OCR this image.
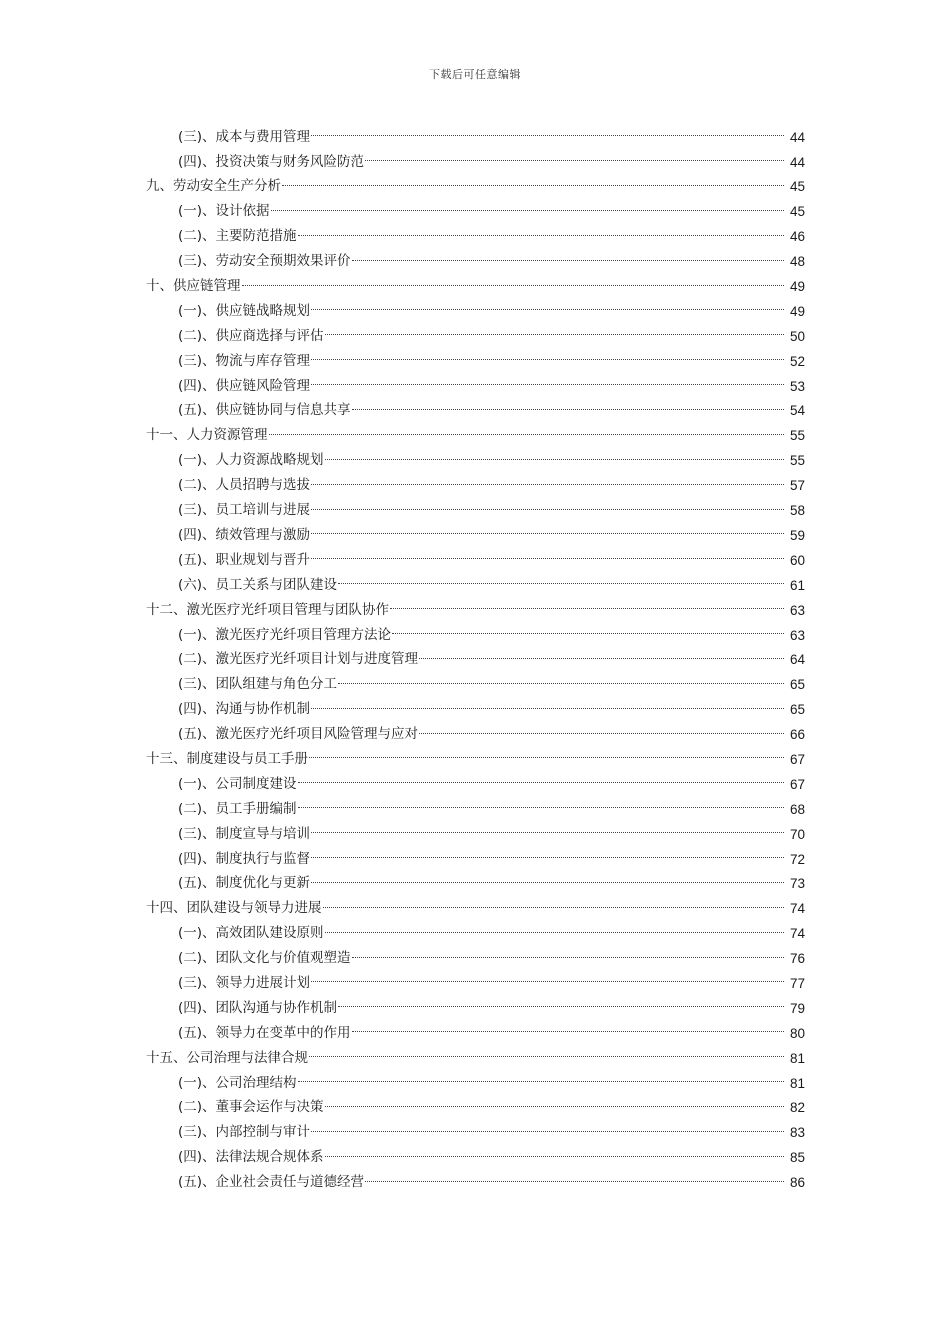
下载后可任意编辑
(三)、成本与费用管理	44
(四)、投资决策与财务风险防范	44
九、劳动安全生产分析	45
(一)、设计依据	45
(二)、主要防范措施	46
(三)、劳动安全预期效果评价	48
十、供应链管理	49
(一)、供应链战略规划	49
(二)、供应商选择与评估	50
(三)、物流与库存管理	52
(四)、供应链风险管理	53
(五)、供应链协同与信息共享	54
十一、人力资源管理	55
(一)、人力资源战略规划	55
(二)、人员招聘与选拔	57
(三)、员工培训与进展	58
(四)、绩效管理与激励	59
(五)、职业规划与晋升	60
(六)、员工关系与团队建设	61
十二、激光医疗光纤项目管理与团队协作	63
(一)、激光医疗光纤项目管理方法论	63
(二)、激光医疗光纤项目计划与进度管理	64
(三)、团队组建与角色分工	65
(四)、沟通与协作机制	65
(五)、激光医疗光纤项目风险管理与应对	66
十三、制度建设与员工手册	67
(一)、公司制度建设	67
(二)、员工手册编制	68
(三)、制度宣导与培训	70
(四)、制度执行与监督	72
(五)、制度优化与更新	73
十四、团队建设与领导力进展	74
(一)、高效团队建设原则	74
(二)、团队文化与价值观塑造	76
(三)、领导力进展计划	77
(四)、团队沟通与协作机制	79
(五)、领导力在变革中的作用	80
十五、公司治理与法律合规	81
(一)、公司治理结构	81
(二)、董事会运作与决策	82
(三)、内部控制与审计	83
(四)、法律法规合规体系	85
(五)、企业社会责任与道德经营	86
